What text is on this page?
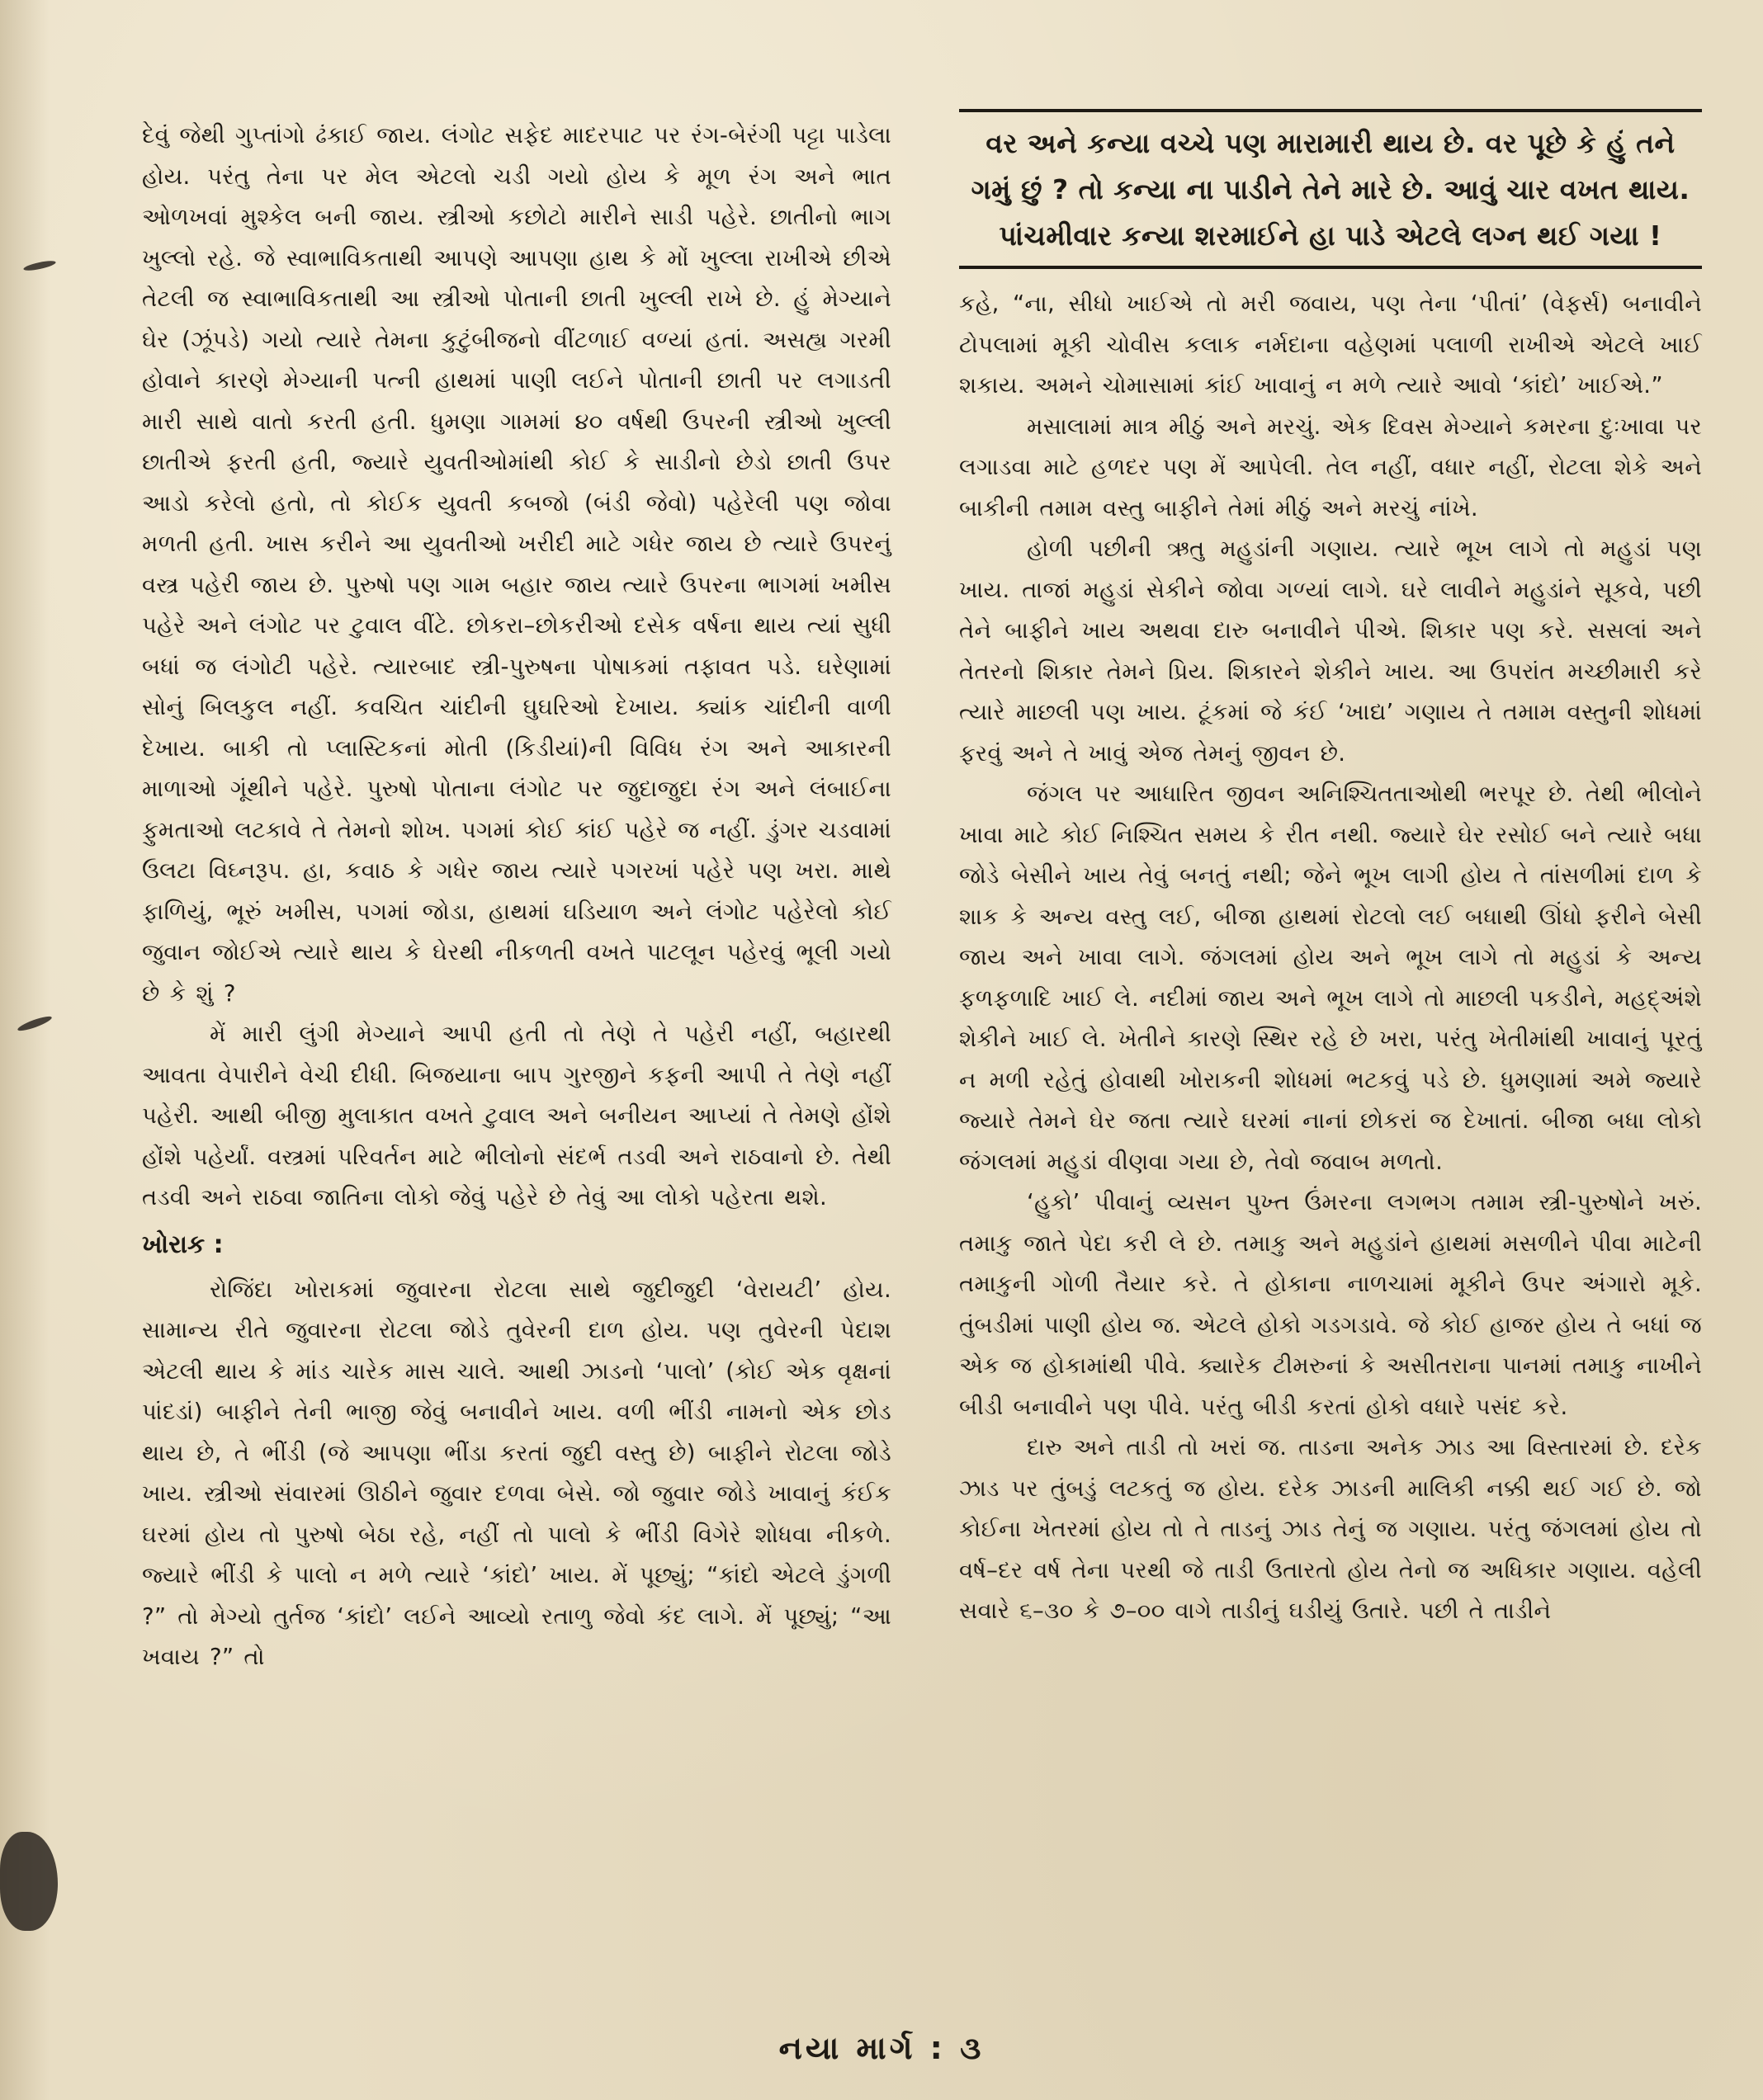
દેવું જેથી ગુપ્તાંગો ઢંકાઈ જાય. લંગોટ સફેદ માદરપાટ પર રંગ-બેરંગી પટ્ટા પાડેલા હોય. પરંતુ તેના પર મેલ એટલો ચડી ગયો હોય કે મૂળ રંગ અને ભાત ઓળખવાં મુશ્કેલ બની જાય. સ્ત્રીઓ કછોટો મારીને સાડી પહેરે. છાતીનો ભાગ ખુલ્લો રહે. જે સ્વાભાવિકતાથી આપણે આપણા હાથ કે મોં ખુલ્લા રાખીએ છીએ તેટલી જ સ્વાભાવિકતાથી આ સ્ત્રીઓ પોતાની છાતી ખુલ્લી રાખે છે. હું મેગ્યાને ઘેર (ઝૂંપડે) ગયો ત્યારે તેમના કુટુંબીજનો વીંટળાઈ વળ્યાં હતાં. અસહ્ય ગરમી હોવાને કારણે મેગ્યાની પત્ની હાથમાં પાણી લઈને પોતાની છાતી પર લગાડતી મારી સાથે વાતો કરતી હતી. ધુમણા ગામમાં ૪૦ વર્ષથી ઉપરની સ્ત્રીઓ ખુલ્લી છાતીએ ફરતી હતી, જ્યારે યુવતીઓમાંથી કોઈ કે સાડીનો છેડો છાતી ઉપર આડો કરેલો હતો, તો કોઈક યુવતી કબજો (બંડી જેવો) પહેરેલી પણ જોવા મળતી હતી. ખાસ કરીને આ યુવતીઓ ખરીદી માટે ગધેર જાય છે ત્યારે ઉપરનું વસ્ત્ર પહેરી જાય છે. પુરુષો પણ ગામ બહાર જાય ત્યારે ઉપરના ભાગમાં ખમીસ પહેરે અને લંગોટ પર ટુવાલ વીંટે. છોકરા–છોકરીઓ દસેક વર્ષના થાય ત્યાં સુધી બધાં જ લંગોટી પહેરે. ત્યારબાદ સ્ત્રી-પુરુષના પોષાકમાં તફાવત પડે. ઘરેણામાં સોનું બિલકુલ નહીં. કવચિત ચાંદીની ઘુઘરિઓ દેખાય. ક્યાંક ચાંદીની વાળી દેખાય. બાકી તો પ્લાસ્ટિકનાં મોતી (કિડીયાં)ની વિવિધ રંગ અને આકારની માળાઓ ગૂંથીને પહેરે. પુરુષો પોતાના લંગોટ પર જુદાજુદા રંગ અને લંબાઈના ફુમતાઓ લટકાવે તે તેમનો શોખ. પગમાં કોઈ કાંઈ પહેરે જ નહીં. ડુંગર ચડવામાં ઉલટા વિઘ્નરૂપ. હા, કવાઠ કે ગધેર જાય ત્યારે પગરખાં પહેરે પણ ખરા. માથે ફાળિયું, ભૂરું ખમીસ, પગમાં જોડા, હાથમાં ઘડિયાળ અને લંગોટ પહેરેલો કોઈ જુવાન જોઈએ ત્યારે થાય કે ઘેરથી નીકળતી વખતે પાટલૂન પહેરવું ભૂલી ગયો છે કે શું ?

મેં મારી લુંગી મેગ્યાને આપી હતી તો તેણે તે પહેરી નહીં, બહારથી આવતા વેપારીને વેચી દીધી. બિજયાના બાપ ગુરજીને કફની આપી તે તેણે નહીં પહેરી. આથી બીજી મુલાકાત વખતે ટુવાલ અને બનીયન આપ્યાં તે તેમણે હોંશે હોંશે પહેર્યાં. વસ્ત્રમાં પરિવર્તન માટે ભીલોનો સંદર્ભ તડવી અને રાઠવાનો છે. તેથી તડવી અને રાઠવા જાતિના લોકો જેવું પહેરે છે તેવું આ લોકો પહેરતા થશે.

ખોરાક :

રોજિંદા ખોરાકમાં જુવારના રોટલા સાથે જુદીજુદી ‘વેરાયટી’ હોય. સામાન્ય રીતે જુવારના રોટલા જોડે તુવેરની દાળ હોય. પણ તુવેરની પેદાશ એટલી થાય કે માંડ ચારેક માસ ચાલે. આથી ઝાડનો ‘પાલો’ (કોઈ એક વૃક્ષનાં પાંદડાં) બાફીને તેની ભાજી જેવું બનાવીને ખાય. વળી ભીંડી નામનો એક છોડ થાય છે, તે ભીંડી (જે આપણા ભીંડા કરતાં જુદી વસ્તુ છે) બાફીને રોટલા જોડે ખાય. સ્ત્રીઓ સંવારમાં ઊઠીને જુવાર દળવા બેસે. જો જુવાર જોડે ખાવાનું કંઈક ઘરમાં હોય તો પુરુષો બેઠા રહે, નહીં તો પાલો કે ભીંડી વિગેરે શોધવા નીકળે. જ્યારે ભીંડી કે પાલો ન મળે ત્યારે ‘કાંદો’ ખાય. મેં પૂછ્યું; “કાંદો એટલે ડુંગળી ?” તો મેગ્યો તુર્તજ ‘કાંદો’ લઈને આવ્યો રતાળુ જેવો કંદ લાગે. મેં પૂછ્યું; “આ ખવાય ?” તો

વર અને કન્યા વચ્ચે પણ મારામારી થાય છે. વર પૂછે કે હું તને ગમું છું ? તો કન્યા ના પાડીને તેને મારે છે. આવું ચાર વખત થાય. પાંચમીવાર કન્યા શરમાઈને હા પાડે એટલે લગ્ન થઈ ગયા !

કહે, “ના, સીધો ખાઈએ તો મરી જવાય, પણ તેના ‘પીતાં’ (વેફર્સ) બનાવીને ટોપલામાં મૂકી ચોવીસ કલાક નર્મદાના વહેણમાં પલાળી રાખીએ એટલે ખાઈ શકાય. અમને ચોમાસામાં કાંઈ ખાવાનું ન મળે ત્યારે આવો ‘કાંદો’ ખાઈએ.”

મસાલામાં માત્ર મીઠું અને મરચું. એક દિવસ મેગ્યાને કમરના દુઃખાવા પર લગાડવા માટે હળદર પણ મેં આપેલી. તેલ નહીં, વધાર નહીં, રોટલા શેકે અને બાકીની તમામ વસ્તુ બાફીને તેમાં મીઠું અને મરચું નાંખે.

હોળી પછીની ઋતુ મહુડાંની ગણાય. ત્યારે ભૂખ લાગે તો મહુડાં પણ ખાય. તાજાં મહુડાં સેકીને જોવા ગળ્યાં લાગે. ઘરે લાવીને મહુડાંને સૂકવે, પછી તેને બાફીને ખાય અથવા દારુ બનાવીને પીએ. શિકાર પણ કરે. સસલાં અને તેતરનો શિકાર તેમને પ્રિય. શિકારને શેકીને ખાય. આ ઉપરાંત મચ્છીમારી કરે ત્યારે માછલી પણ ખાય. ટૂંકમાં જે કંઈ ‘ખાદ્ય’ ગણાય તે તમામ વસ્તુની શોધમાં ફરવું અને તે ખાવું એજ તેમનું જીવન છે.

જંગલ પર આધારિત જીવન અનિશ્ચિતતાઓથી ભરપૂર છે. તેથી ભીલોને ખાવા માટે કોઈ નિશ્ચિત સમય કે રીત નથી. જ્યારે ઘેર રસોઈ બને ત્યારે બધા જોડે બેસીને ખાય તેવું બનતું નથી; જેને ભૂખ લાગી હોય તે તાંસળીમાં દાળ કે શાક કે અન્ય વસ્તુ લઈ, બીજા હાથમાં રોટલો લઈ બધાથી ઊંધો ફરીને બેસી જાય અને ખાવા લાગે. જંગલમાં હોય અને ભૂખ લાગે તો મહુડાં કે અન્ય ફળફળાદિ ખાઈ લે. નદીમાં જાય અને ભૂખ લાગે તો માછલી પકડીને, મહદ્અંશે શેકીને ખાઈ લે. ખેતીને કારણે સ્થિર રહે છે ખરા, પરંતુ ખેતીમાંથી ખાવાનું પૂરતું ન મળી રહેતું હોવાથી ખોરાકની શોધમાં ભટકવું પડે છે. ધુમણામાં અમે જ્યારે જ્યારે તેમને ઘેર જતા ત્યારે ઘરમાં નાનાં છોકરાં જ દેખાતાં. બીજા બધા લોકો જંગલમાં મહુડાં વીણવા ગયા છે, તેવો જવાબ મળતો.

‘હુકો’ પીવાનું વ્યસન પુખ્ત ઉંમરના લગભગ તમામ સ્ત્રી-પુરુષોને ખરું. તમાકુ જાતે પેદા કરી લે છે. તમાકુ અને મહુડાંને હાથમાં મસળીને પીવા માટેની તમાકુની ગોળી તૈયાર કરે. તે હોકાના નાળચામાં મૂકીને ઉપર અંગારો મૂકે. તુંબડીમાં પાણી હોય જ. એટલે હોકો ગડગડાવે. જે કોઈ હાજર હોય તે બધાં જ એક જ હોકામાંથી પીવે. ક્યારેક ટીમરુનાં કે અસીતરાના પાનમાં તમાકુ નાખીને બીડી બનાવીને પણ પીવે. પરંતુ બીડી કરતાં હોકો વધારે પસંદ કરે.

દારુ અને તાડી તો ખરાં જ. તાડના અનેક ઝાડ આ વિસ્તારમાં છે. દરેક ઝાડ પર તુંબડું લટકતું જ હોય. દરેક ઝાડની માલિકી નક્કી થઈ ગઈ છે. જો કોઈના ખેતરમાં હોય તો તે તાડનું ઝાડ તેનું જ ગણાય. પરંતુ જંગલમાં હોય તો વર્ષ–દર વર્ષ તેના પરથી જે તાડી ઉતારતો હોય તેનો જ અધિકાર ગણાય. વહેલી સવારે ૬–૩૦ કે ૭–૦૦ વાગે તાડીનું ઘડીયું ઉતારે. પછી તે તાડીને

નયા માર્ગ : ૩
